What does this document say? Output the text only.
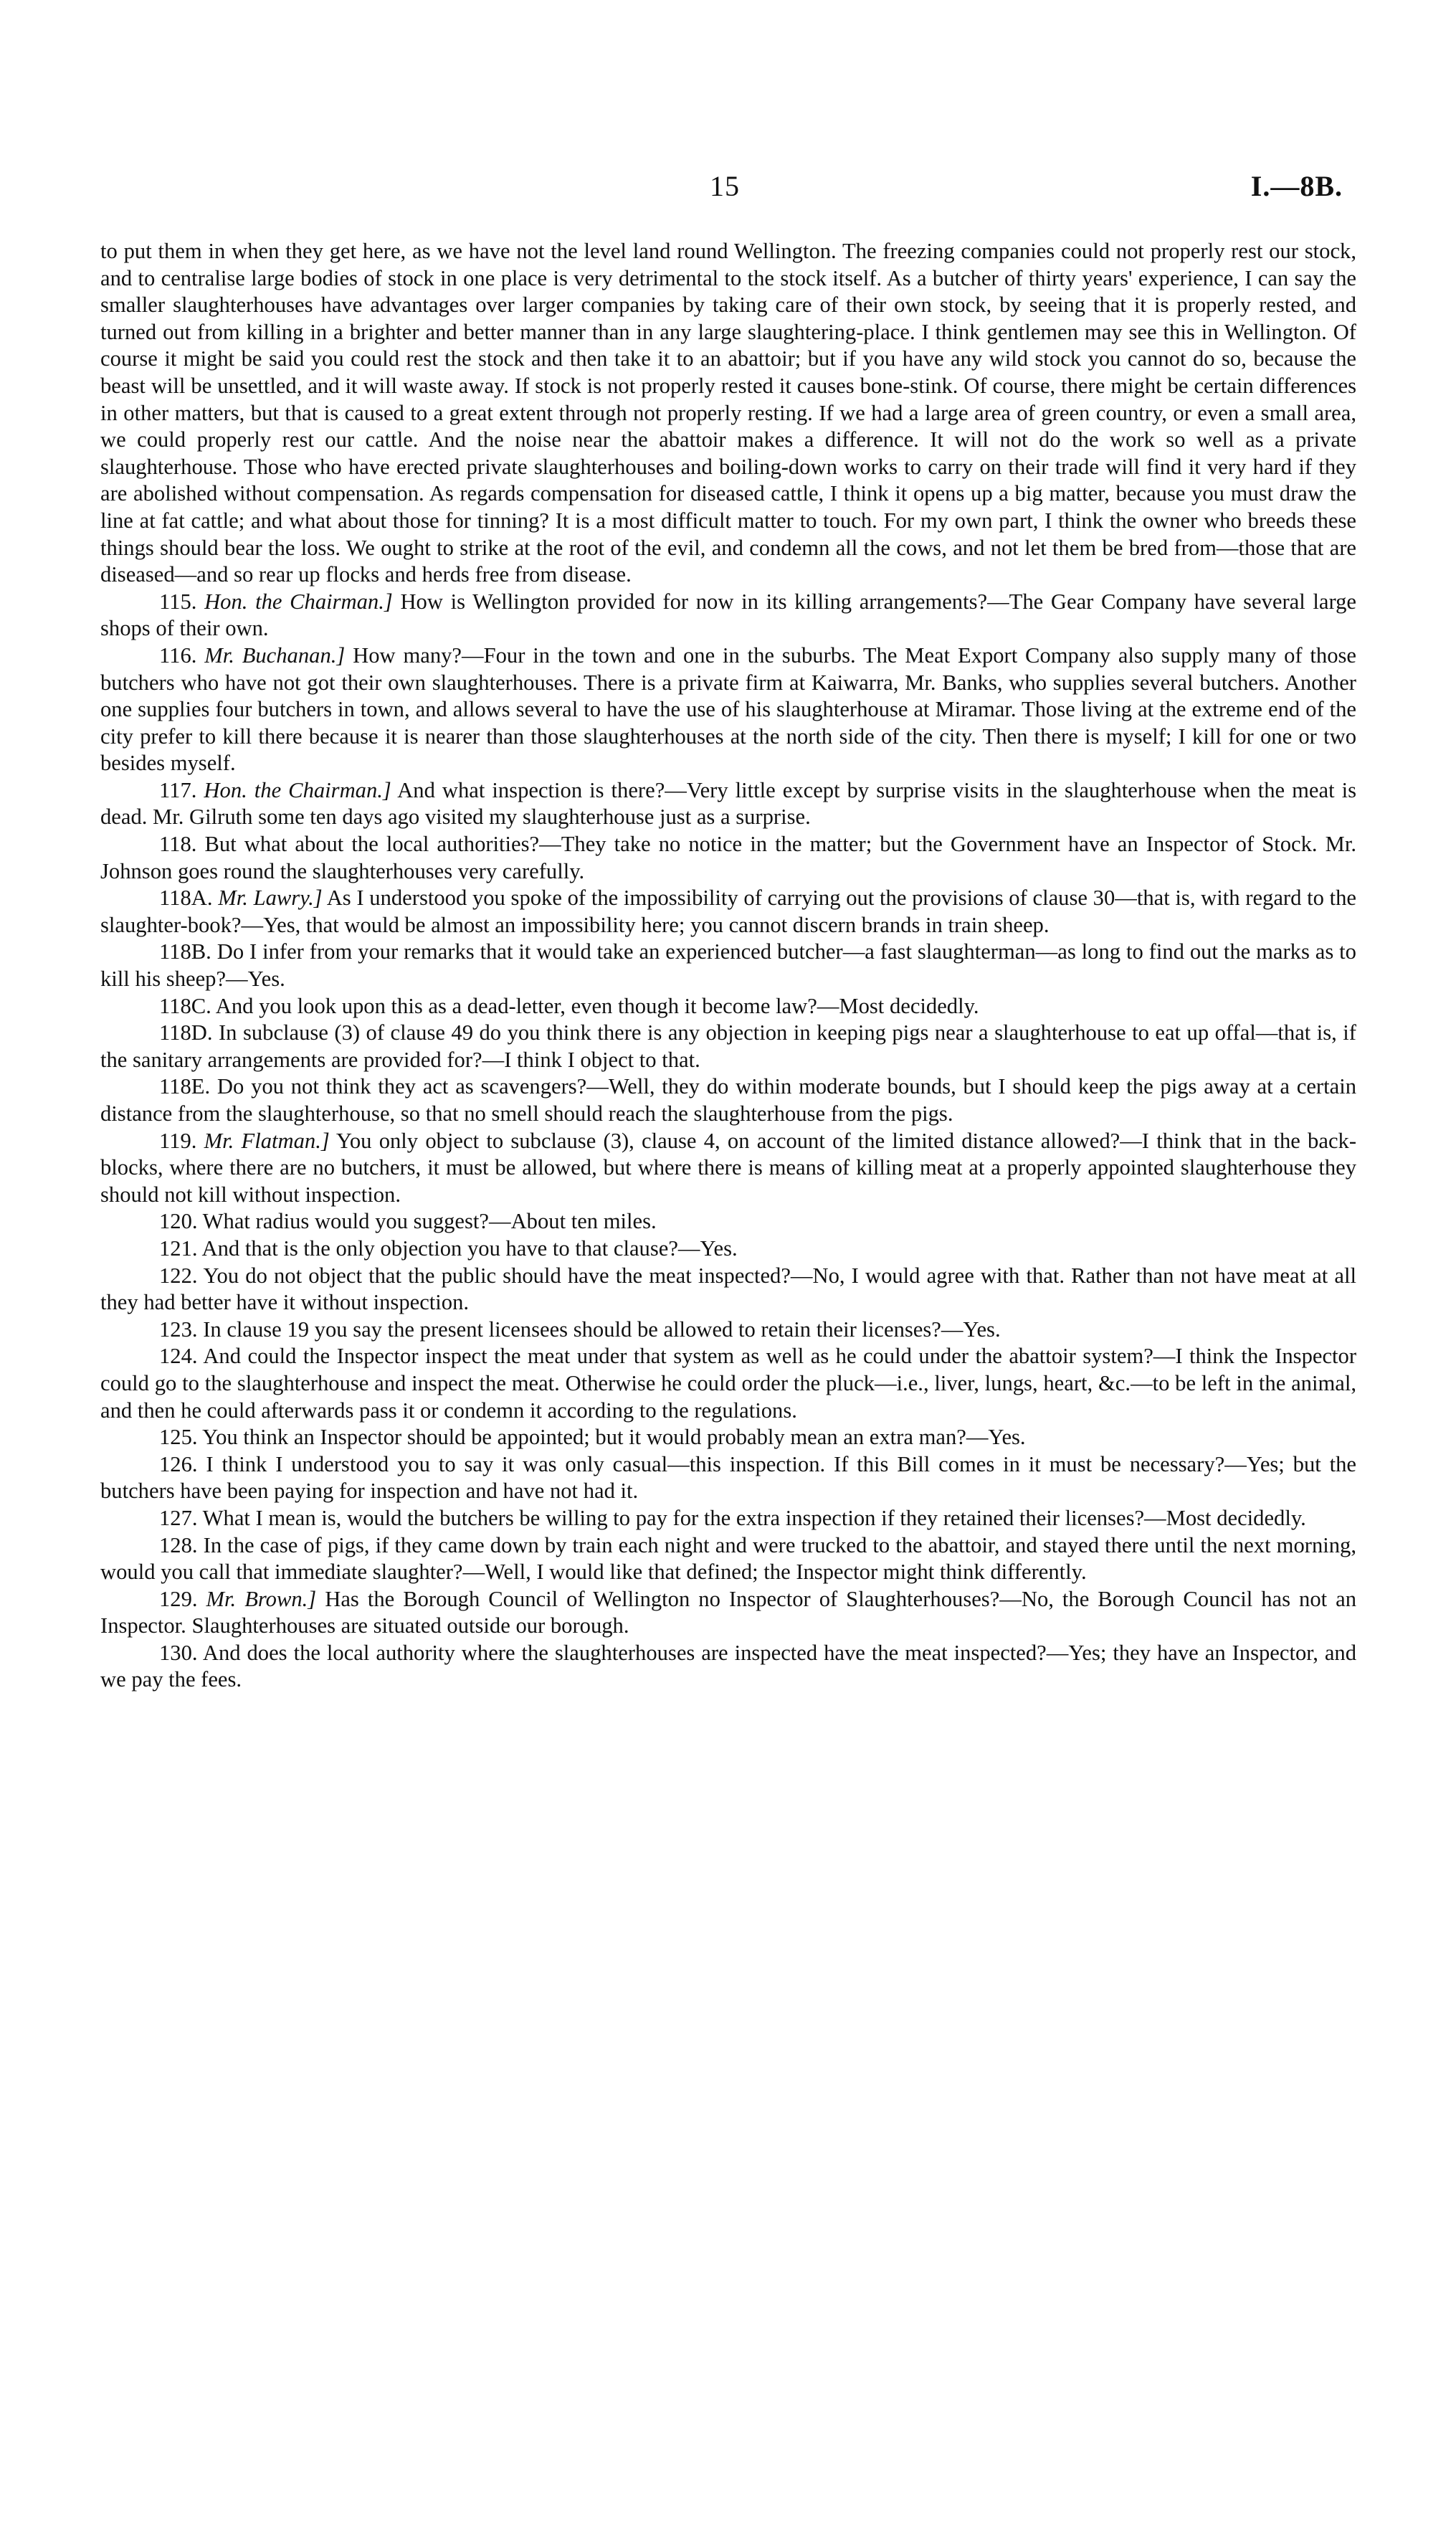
15	I.—8B.

to put them in when they get here, as we have not the level land round Wellington. The freezing companies could not properly rest our stock, and to centralise large bodies of stock in one place is very detrimental to the stock itself. As a butcher of thirty years' experience, I can say the smaller slaughterhouses have advantages over larger companies by taking care of their own stock, by seeing that it is properly rested, and turned out from killing in a brighter and better manner than in any large slaughtering-place. I think gentlemen may see this in Wellington. Of course it might be said you could rest the stock and then take it to an abattoir; but if you have any wild stock you cannot do so, because the beast will be unsettled, and it will waste away. If stock is not properly rested it causes bone-stink. Of course, there might be certain differences in other matters, but that is caused to a great extent through not properly resting. If we had a large area of green country, or even a small area, we could properly rest our cattle. And the noise near the abattoir makes a difference. It will not do the work so well as a private slaughterhouse. Those who have erected private slaughterhouses and boiling-down works to carry on their trade will find it very hard if they are abolished without compensation. As regards compensation for diseased cattle, I think it opens up a big matter, because you must draw the line at fat cattle; and what about those for tinning? It is a most difficult matter to touch. For my own part, I think the owner who breeds these things should bear the loss. We ought to strike at the root of the evil, and condemn all the cows, and not let them be bred from—those that are diseased—and so rear up flocks and herds free from disease.

115. Hon. the Chairman.] How is Wellington provided for now in its killing arrangements?—The Gear Company have several large shops of their own.

116. Mr. Buchanan.] How many?—Four in the town and one in the suburbs. The Meat Export Company also supply many of those butchers who have not got their own slaughterhouses. There is a private firm at Kaiwarra, Mr. Banks, who supplies several butchers. Another one supplies four butchers in town, and allows several to have the use of his slaughterhouse at Miramar. Those living at the extreme end of the city prefer to kill there because it is nearer than those slaughterhouses at the north side of the city. Then there is myself; I kill for one or two besides myself.

117. Hon. the Chairman.] And what inspection is there?—Very little except by surprise visits in the slaughterhouse when the meat is dead. Mr. Gilruth some ten days ago visited my slaughterhouse just as a surprise.

118. But what about the local authorities?—They take no notice in the matter; but the Government have an Inspector of Stock. Mr. Johnson goes round the slaughterhouses very carefully.

118A. Mr. Lawry.] As I understood you spoke of the impossibility of carrying out the provisions of clause 30—that is, with regard to the slaughter-book?—Yes, that would be almost an impossibility here; you cannot discern brands in train sheep.

118B. Do I infer from your remarks that it would take an experienced butcher—a fast slaughterman—as long to find out the marks as to kill his sheep?—Yes.

118C. And you look upon this as a dead-letter, even though it become law?—Most decidedly.

118D. In subclause (3) of clause 49 do you think there is any objection in keeping pigs near a slaughterhouse to eat up offal—that is, if the sanitary arrangements are provided for?—I think I object to that.

118E. Do you not think they act as scavengers?—Well, they do within moderate bounds, but I should keep the pigs away at a certain distance from the slaughterhouse, so that no smell should reach the slaughterhouse from the pigs.

119. Mr. Flatman.] You only object to subclause (3), clause 4, on account of the limited distance allowed?—I think that in the back-blocks, where there are no butchers, it must be allowed, but where there is means of killing meat at a properly appointed slaughterhouse they should not kill without inspection.

120. What radius would you suggest?—About ten miles.

121. And that is the only objection you have to that clause?—Yes.

122. You do not object that the public should have the meat inspected?—No, I would agree with that. Rather than not have meat at all they had better have it without inspection.

123. In clause 19 you say the present licensees should be allowed to retain their licenses?—Yes.

124. And could the Inspector inspect the meat under that system as well as he could under the abattoir system?—I think the Inspector could go to the slaughterhouse and inspect the meat. Otherwise he could order the pluck—i.e., liver, lungs, heart, &c.—to be left in the animal, and then he could afterwards pass it or condemn it according to the regulations.

125. You think an Inspector should be appointed; but it would probably mean an extra man?—Yes.

126. I think I understood you to say it was only casual—this inspection. If this Bill comes in it must be necessary?—Yes; but the butchers have been paying for inspection and have not had it.

127. What I mean is, would the butchers be willing to pay for the extra inspection if they retained their licenses?—Most decidedly.

128. In the case of pigs, if they came down by train each night and were trucked to the abattoir, and stayed there until the next morning, would you call that immediate slaughter?—Well, I would like that defined; the Inspector might think differently.

129. Mr. Brown.] Has the Borough Council of Wellington no Inspector of Slaughterhouses?—No, the Borough Council has not an Inspector. Slaughterhouses are situated outside our borough.

130. And does the local authority where the slaughterhouses are inspected have the meat inspected?—Yes; they have an Inspector, and we pay the fees.
